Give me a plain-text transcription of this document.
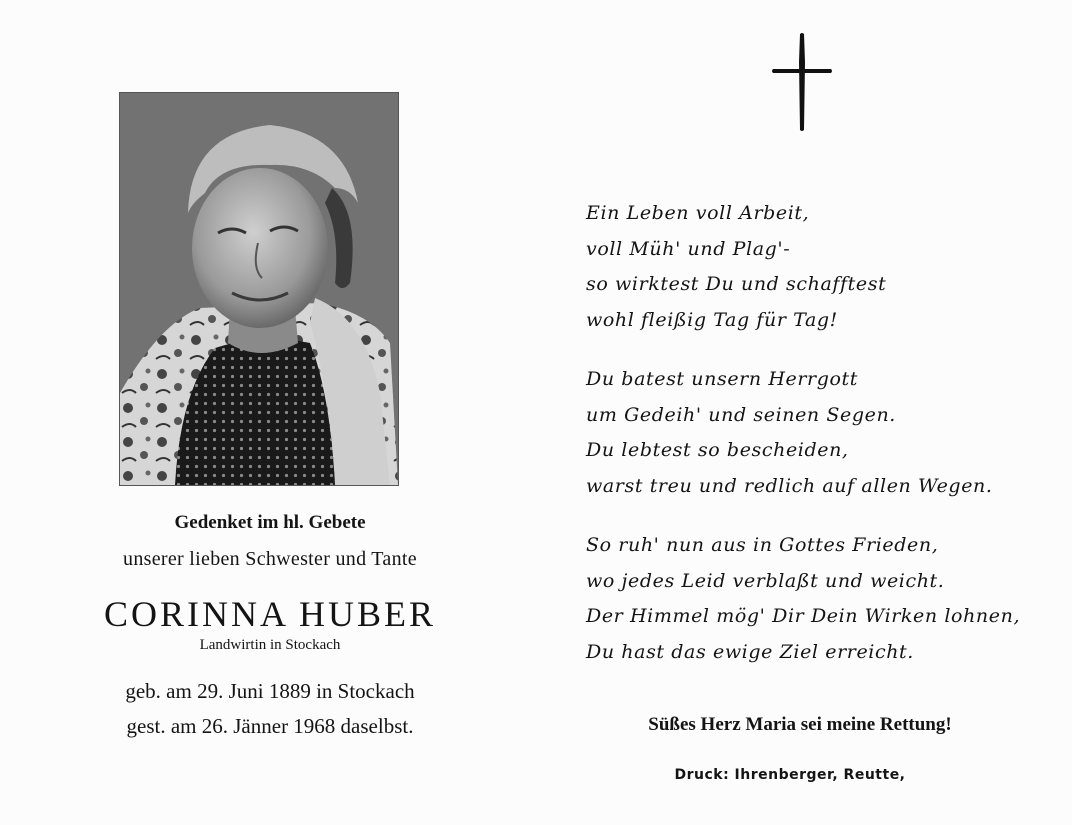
Gedenket im hl. Gebete
unserer lieben Schwester und Tante
CORINNA HUBER
Landwirtin in Stockach
geb. am 29. Juni 1889 in Stockach
gest. am 26. Jänner 1968 daselbst.
Ein Leben voll Arbeit,
voll Müh' und Plag'-
so wirktest Du und schafftest
wohl fleißig Tag für Tag!
Du batest unsern Herrgott
um Gedeih' und seinen Segen.
Du lebtest so bescheiden,
warst treu und redlich auf allen Wegen.
So ruh' nun aus in Gottes Frieden,
wo jedes Leid verblaßt und weicht.
Der Himmel mög' Dir Dein Wirken lohnen,
Du hast das ewige Ziel erreicht.
Süßes Herz Maria sei meine Rettung!
Druck: Ihrenberger, Reutte,
